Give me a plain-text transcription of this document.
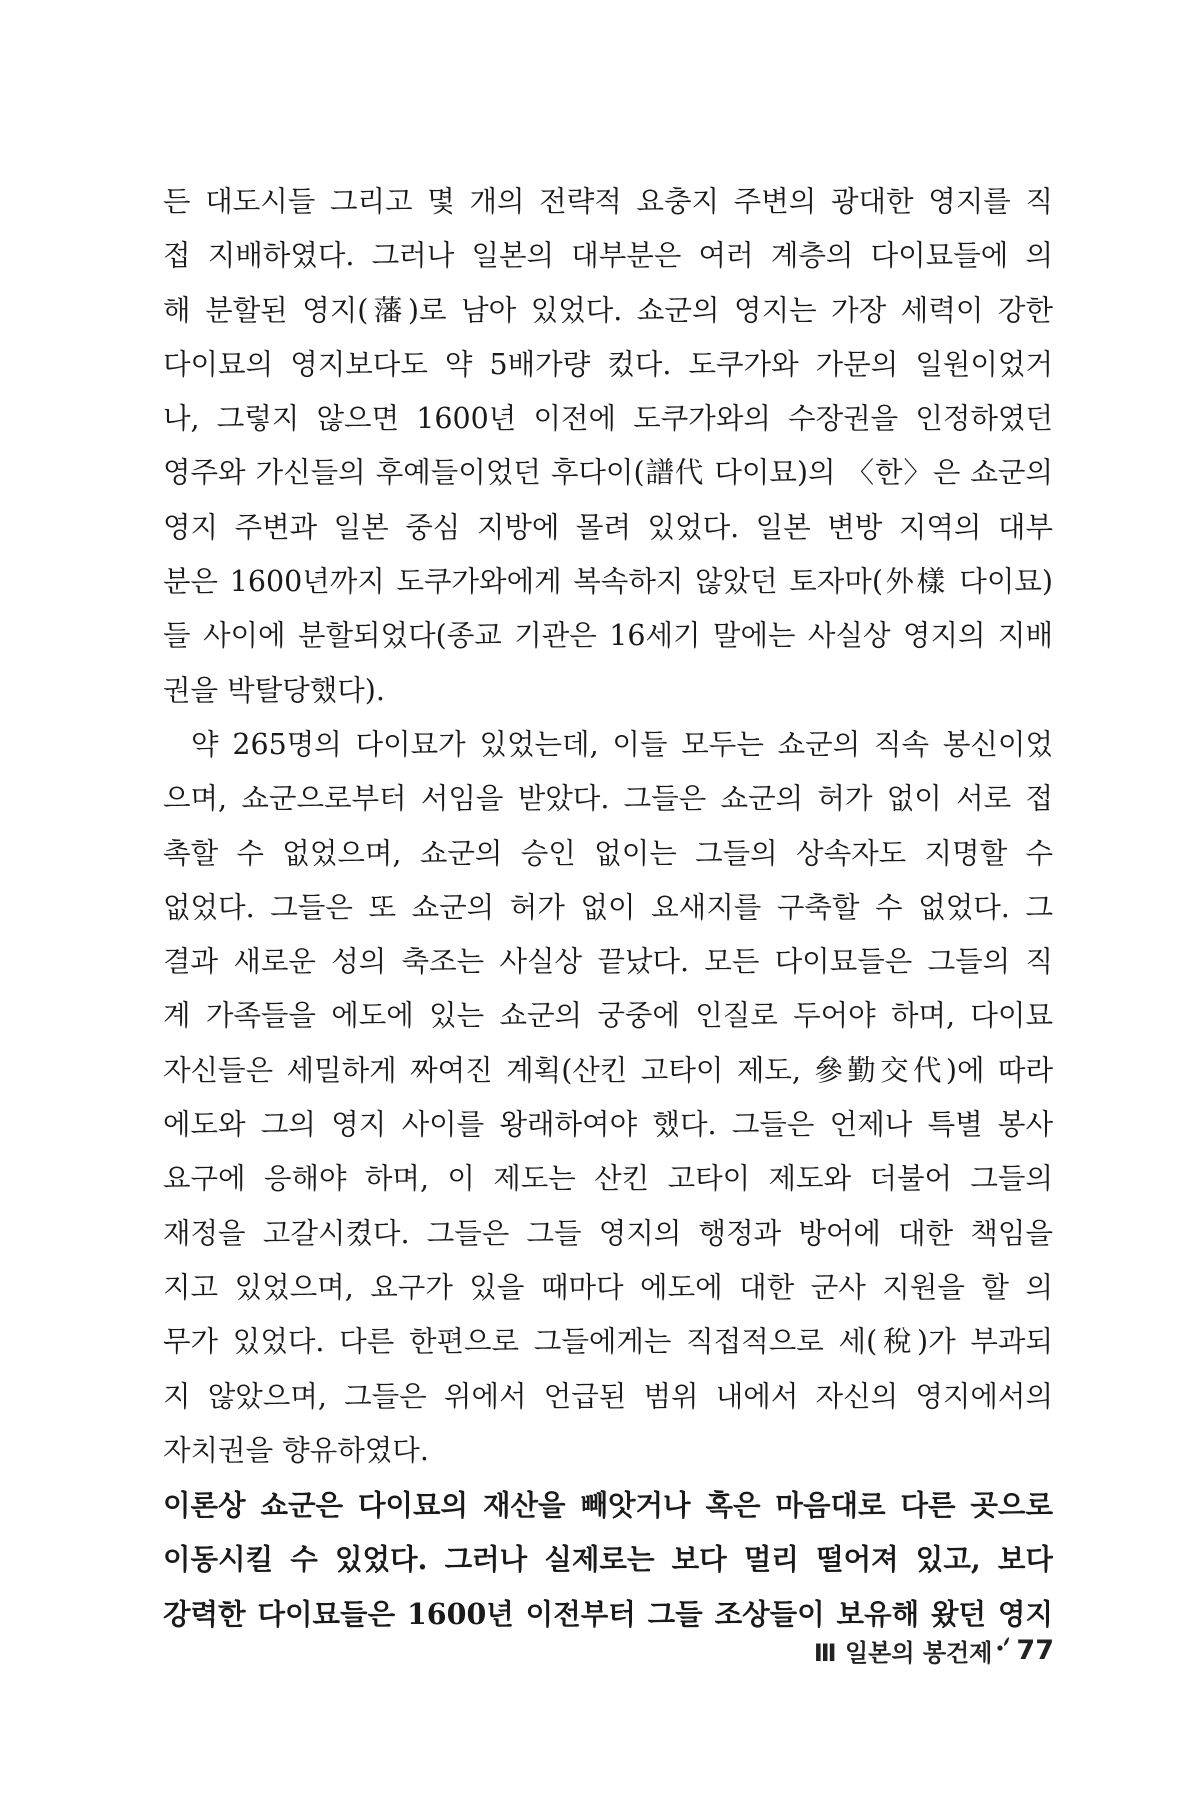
든 대도시들 그리고 몇 개의 전략적 요충지 주변의 광대한 영지를 직
접 지배하였다. 그러나 일본의 대부분은 여러 계층의 다이묘들에 의
해 분할된 영지(藩)로 남아 있었다. 쇼군의 영지는 가장 세력이 강한
다이묘의 영지보다도 약 5배가량 컸다. 도쿠가와 가문의 일원이었거
나, 그렇지 않으면 1600년 이전에 도쿠가와의 수장권을 인정하였던
영주와 가신들의 후예들이었던 후다이(譜代 다이묘)의 〈한〉은 쇼군의
영지 주변과 일본 중심 지방에 몰려 있었다. 일본 변방 지역의 대부
분은 1600년까지 도쿠가와에게 복속하지 않았던 토자마(外樣 다이묘)
들 사이에 분할되었다(종교 기관은 16세기 말에는 사실상 영지의 지배
권을 박탈당했다).
약 265명의 다이묘가 있었는데, 이들 모두는 쇼군의 직속 봉신이었
으며, 쇼군으로부터 서임을 받았다. 그들은 쇼군의 허가 없이 서로 접
촉할 수 없었으며, 쇼군의 승인 없이는 그들의 상속자도 지명할 수
없었다. 그들은 또 쇼군의 허가 없이 요새지를 구축할 수 없었다. 그
결과 새로운 성의 축조는 사실상 끝났다. 모든 다이묘들은 그들의 직
계 가족들을 에도에 있는 쇼군의 궁중에 인질로 두어야 하며, 다이묘
자신들은 세밀하게 짜여진 계획(산킨 고타이 제도, 參勤交代)에 따라
에도와 그의 영지 사이를 왕래하여야 했다. 그들은 언제나 특별 봉사
요구에 응해야 하며, 이 제도는 산킨 고타이 제도와 더불어 그들의
재정을 고갈시켰다. 그들은 그들 영지의 행정과 방어에 대한 책임을
지고 있었으며, 요구가 있을 때마다 에도에 대한 군사 지원을 할 의
무가 있었다. 다른 한편으로 그들에게는 직접적으로 세(稅)가 부과되
지 않았으며, 그들은 위에서 언급된 범위 내에서 자신의 영지에서의
자치권을 향유하였다.
이론상 쇼군은 다이묘의 재산을 빼앗거나 혹은 마음대로 다른 곳으로
이동시킬 수 있었다. 그러나 실제로는 보다 멀리 떨어져 있고, 보다
강력한 다이묘들은 1600년 이전부터 그들 조상들이 보유해 왔던 영지
Ⅲ 일본의 봉건제 77
